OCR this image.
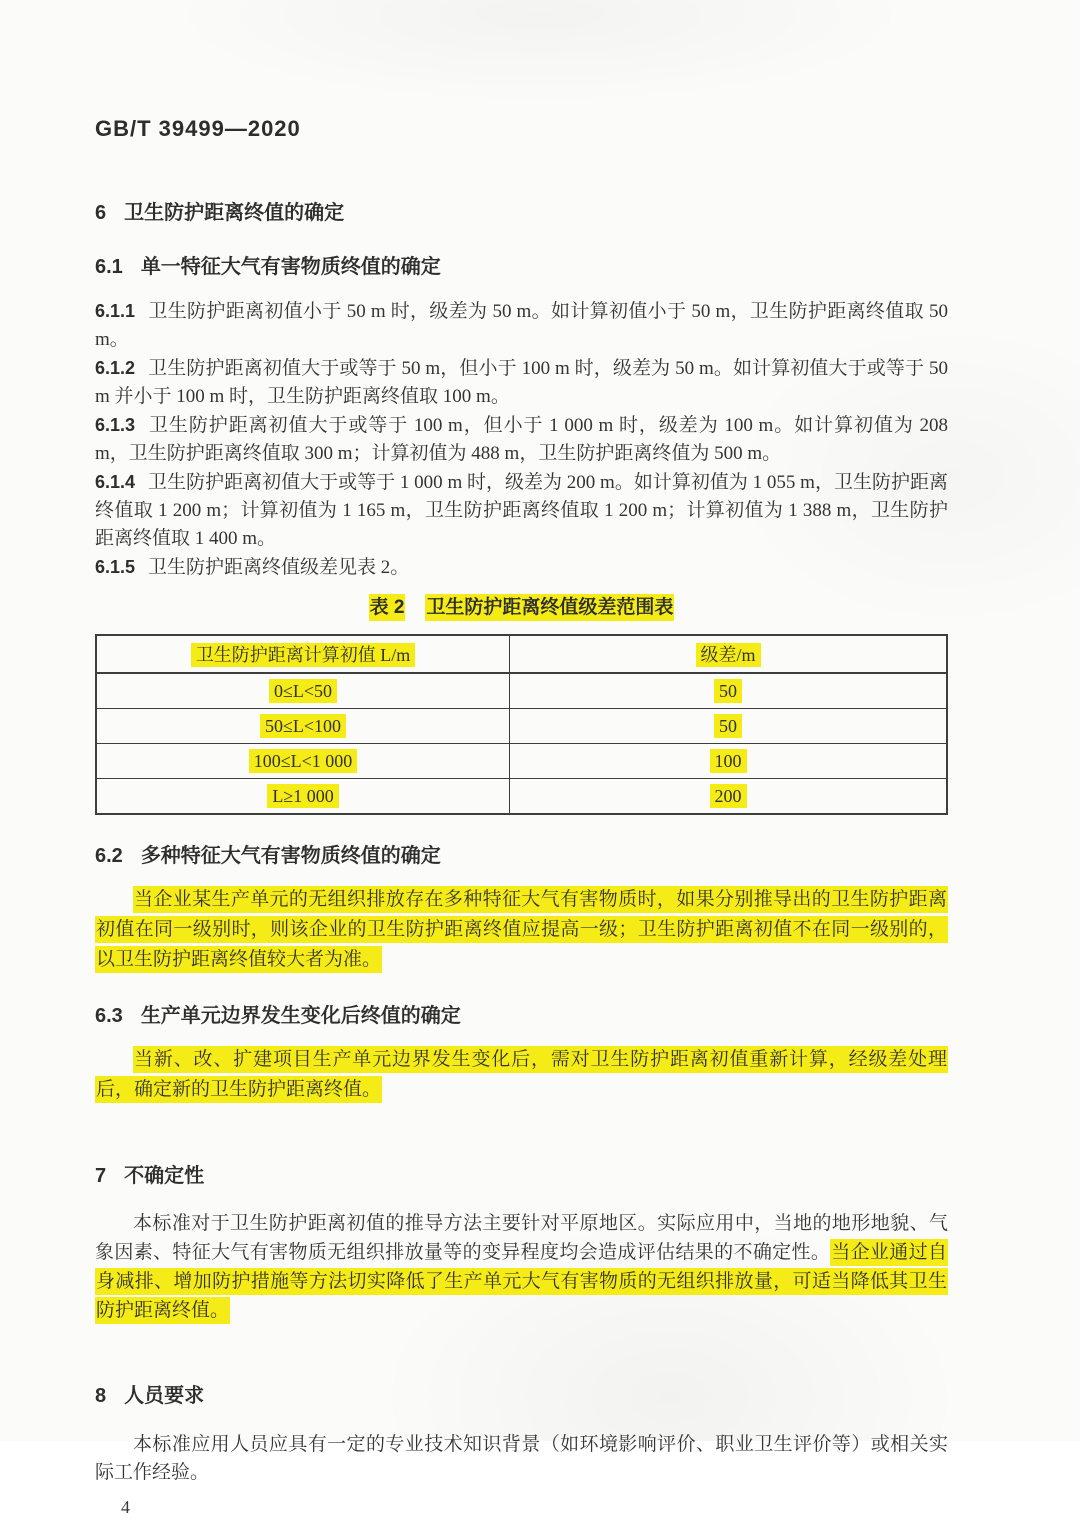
GB/T 39499—2020
6 卫生防护距离终值的确定
6.1 单一特征大气有害物质终值的确定

6.1.1 卫生防护距离初值小于 50 m 时，级差为 50 m。如计算初值小于 50 m，卫生防护距离终值取 50 m。

6.1.2 卫生防护距离初值大于或等于 50 m，但小于 100 m 时，级差为 50 m。如计算初值大于或等于 50 m 并小于 100 m 时，卫生防护距离终值取 100 m。

6.1.3 卫生防护距离初值大于或等于 100 m，但小于 1 000 m 时，级差为 100 m。如计算初值为 208 m，卫生防护距离终值取 300 m；计算初值为 488 m，卫生防护距离终值为 500 m。

6.1.4 卫生防护距离初值大于或等于 1 000 m 时，级差为 200 m。如计算初值为 1 055 m，卫生防护距离终值取 1 200 m；计算初值为 1 165 m，卫生防护距离终值取 1 200 m；计算初值为 1 388 m，卫生防护距离终值取 1 400 m。

6.1.5 卫生防护距离终值级差见表 2。

表 2 卫生防护距离终值级差范围表
卫生防护距离计算初值 L/m	级差/m
0≤L<50	50
50≤L<100	50
100≤L<1 000	100
L≥1 000	200
6.2 多种特征大气有害物质终值的确定

当企业某生产单元的无组织排放存在多种特征大气有害物质时，如果分别推导出的卫生防护距离初值在同一级别时，则该企业的卫生防护距离终值应提高一级；卫生防护距离初值不在同一级别的，以卫生防护距离终值较大者为准。

6.3 生产单元边界发生变化后终值的确定

当新、改、扩建项目生产单元边界发生变化后，需对卫生防护距离初值重新计算，经级差处理后，确定新的卫生防护距离终值。

7 不确定性

本标准对于卫生防护距离初值的推导方法主要针对平原地区。实际应用中，当地的地形地貌、气象因素、特征大气有害物质无组织排放量等的变异程度均会造成评估结果的不确定性。当企业通过自身减排、增加防护措施等方法切实降低了生产单元大气有害物质的无组织排放量，可适当降低其卫生防护距离终值。

8 人员要求

本标准应用人员应具有一定的专业技术知识背景（如环境影响评价、职业卫生评价等）或相关实际工作经验。

4
